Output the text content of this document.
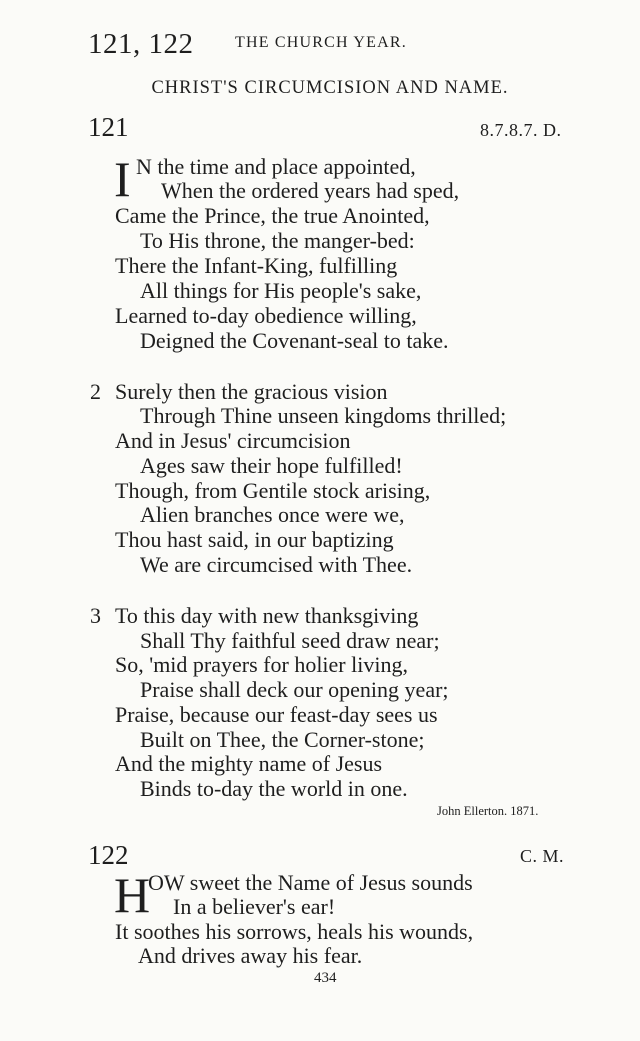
121, 122	THE CHURCH YEAR.
CHRIST'S CIRCUMCISION AND NAME.
121	8.7.8.7. D.
I N the time and place appointed,
When the ordered years had sped,
Came the Prince, the true Anointed,
To His throne, the manger-bed:
There the Infant-King, fulfilling
All things for His people's sake,
Learned to-day obedience willing,
Deigned the Covenant-seal to take.
2 Surely then the gracious vision
Through Thine unseen kingdoms thrilled;
And in Jesus' circumcision
Ages saw their hope fulfilled!
Though, from Gentile stock arising,
Alien branches once were we,
Thou hast said, in our baptizing
We are circumcised with Thee.
3 To this day with new thanksgiving
Shall Thy faithful seed draw near;
So, 'mid prayers for holier living,
Praise shall deck our opening year;
Praise, because our feast-day sees us
Built on Thee, the Corner-stone;
And the mighty name of Jesus
Binds to-day the world in one.
John Ellerton. 1871.
122	C. M.
H
OW sweet the Name of Jesus sounds
In a believer's ear!
It soothes his sorrows, heals his wounds,
And drives away his fear.
434
